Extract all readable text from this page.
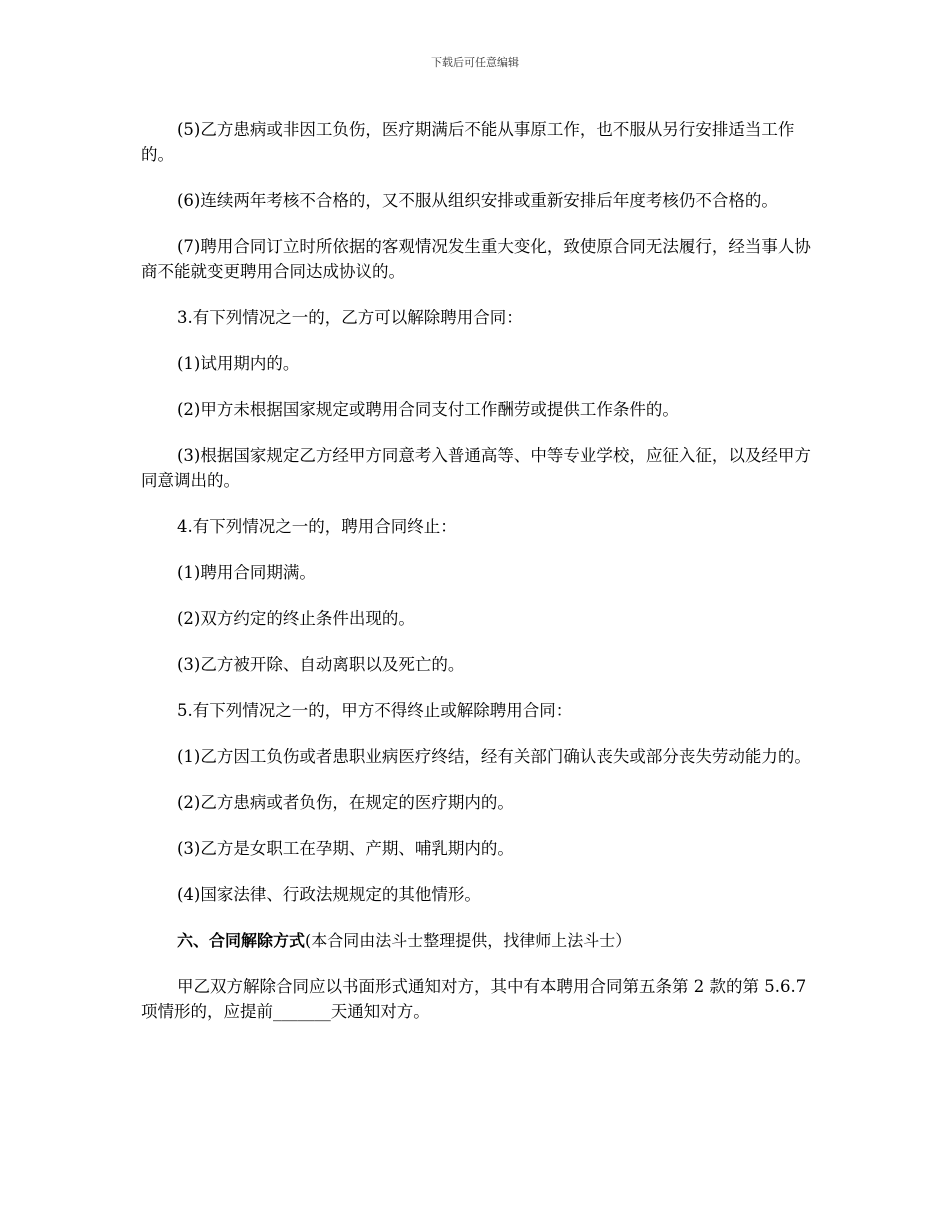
下载后可任意编辑

(5)乙方患病或非因工负伤，医疗期满后不能从事原工作，也不服从另行安排适当工作的。

(6)连续两年考核不合格的，又不服从组织安排或重新安排后年度考核仍不合格的。

(7)聘用合同订立时所依据的客观情况发生重大变化，致使原合同无法履行，经当事人协商不能就变更聘用合同达成协议的。

3.有下列情况之一的，乙方可以解除聘用合同：

(1)试用期内的。

(2)甲方未根据国家规定或聘用合同支付工作酬劳或提供工作条件的。

(3)根据国家规定乙方经甲方同意考入普通高等、中等专业学校，应征入征，以及经甲方同意调出的。

4.有下列情况之一的，聘用合同终止：

(1)聘用合同期满。

(2)双方约定的终止条件出现的。

(3)乙方被开除、自动离职以及死亡的。

5.有下列情况之一的，甲方不得终止或解除聘用合同：

(1)乙方因工负伤或者患职业病医疗终结，经有关部门确认丧失或部分丧失劳动能力的。

(2)乙方患病或者负伤，在规定的医疗期内的。

(3)乙方是女职工在孕期、产期、哺乳期内的。

(4)国家法律、行政法规规定的其他情形。

六、合同解除方式(本合同由法斗士整理提供，找律师上法斗士）

甲乙双方解除合同应以书面形式通知对方，其中有本聘用合同第五条第 2 款的第 5.6.7 项情形的，应提前_______天通知对方。
